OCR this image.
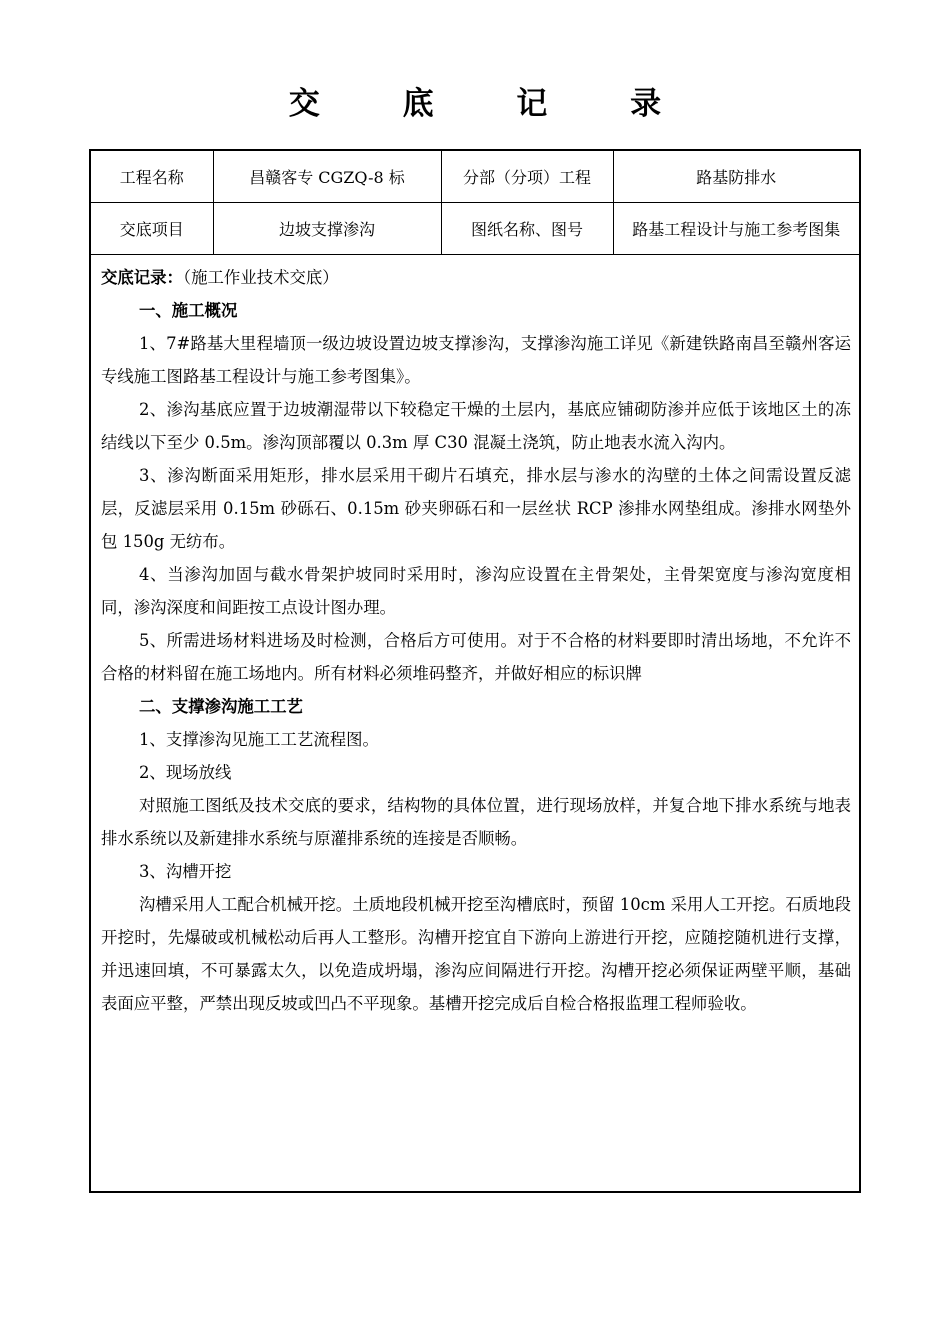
交 底 记 录
工程名称	昌赣客专 CGZQ-8 标	分部（分项）工程	路基防排水
交底项目	边坡支撑渗沟	图纸名称、图号	路基工程设计与施工参考图集

交底记录：（施工作业技术交底）

一、施工概况

1、7#路基大里程墙顶一级边坡设置边坡支撑渗沟，支撑渗沟施工详见《新建铁路南昌至赣州客运专线施工图路基工程设计与施工参考图集》。

2、渗沟基底应置于边坡潮湿带以下较稳定干燥的土层内，基底应铺砌防渗并应低于该地区土的冻结线以下至少 0.5m。渗沟顶部覆以 0.3m 厚 C30 混凝土浇筑，防止地表水流入沟内。

3、渗沟断面采用矩形，排水层采用干砌片石填充，排水层与渗水的沟壁的土体之间需设置反滤层，反滤层采用 0.15m 砂砾石、0.15m 砂夹卵砾石和一层丝状 RCP 渗排水网垫组成。渗排水网垫外包 150g 无纺布。

4、当渗沟加固与截水骨架护坡同时采用时，渗沟应设置在主骨架处，主骨架宽度与渗沟宽度相同，渗沟深度和间距按工点设计图办理。

5、所需进场材料进场及时检测，合格后方可使用。对于不合格的材料要即时清出场地，不允许不合格的材料留在施工场地内。所有材料必须堆码整齐，并做好相应的标识牌

二、支撑渗沟施工工艺

1、支撑渗沟见施工工艺流程图。

2、现场放线

对照施工图纸及技术交底的要求，结构物的具体位置，进行现场放样，并复合地下排水系统与地表排水系统以及新建排水系统与原灌排系统的连接是否顺畅。

3、沟槽开挖

沟槽采用人工配合机械开挖。土质地段机械开挖至沟槽底时，预留 10cm 采用人工开挖。石质地段开挖时，先爆破或机械松动后再人工整形。沟槽开挖宜自下游向上游进行开挖，应随挖随机进行支撑，并迅速回填，不可暴露太久，以免造成坍塌，渗沟应间隔进行开挖。沟槽开挖必须保证两壁平顺，基础表面应平整，严禁出现反坡或凹凸不平现象。基槽开挖完成后自检合格报监理工程师验收。
